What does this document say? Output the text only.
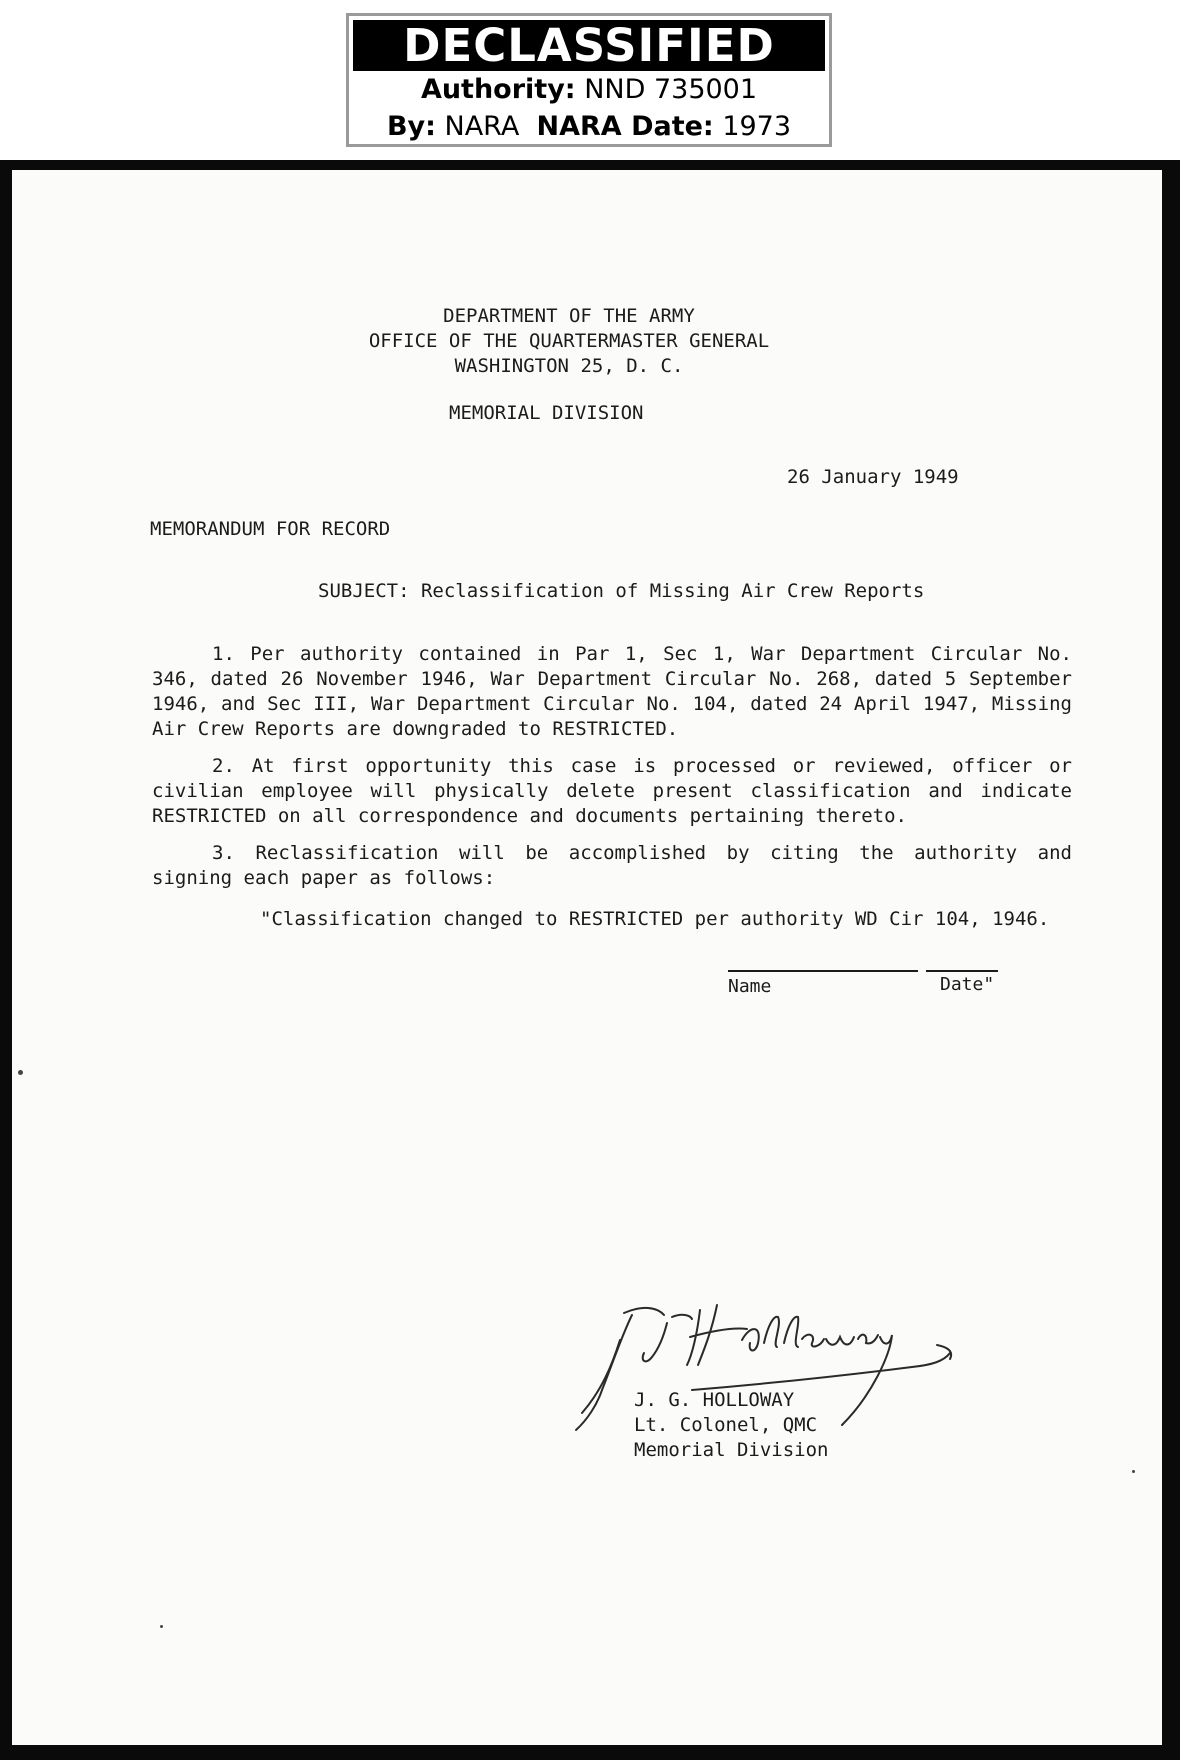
DECLASSIFIED
Authority: NND 735001
By: NARA NARA Date: 1973
DEPARTMENT OF THE ARMY
OFFICE OF THE QUARTERMASTER GENERAL
WASHINGTON 25, D. C.
MEMORIAL DIVISION
26 January 1949
MEMORANDUM FOR RECORD
SUBJECT: Reclassification of Missing Air Crew Reports
1. Per authority contained in Par 1, Sec 1, War Department Circular No. 346, dated 26 November 1946, War Department Circular No. 268, dated 5 September 1946, and Sec III, War Department Circular No. 104, dated 24 April 1947, Missing Air Crew Reports are downgraded to RESTRICTED.
2. At first opportunity this case is processed or reviewed, officer or civilian employee will physically delete present classification and indicate RESTRICTED on all correspondence and documents pertaining thereto.
3. Reclassification will be accomplished by citing the authority and signing each paper as follows:
"Classification changed to RESTRICTED per authority WD Cir 104, 1946.
Name	Date"
J. G. HOLLOWAY
Lt. Colonel, QMC
Memorial Division
